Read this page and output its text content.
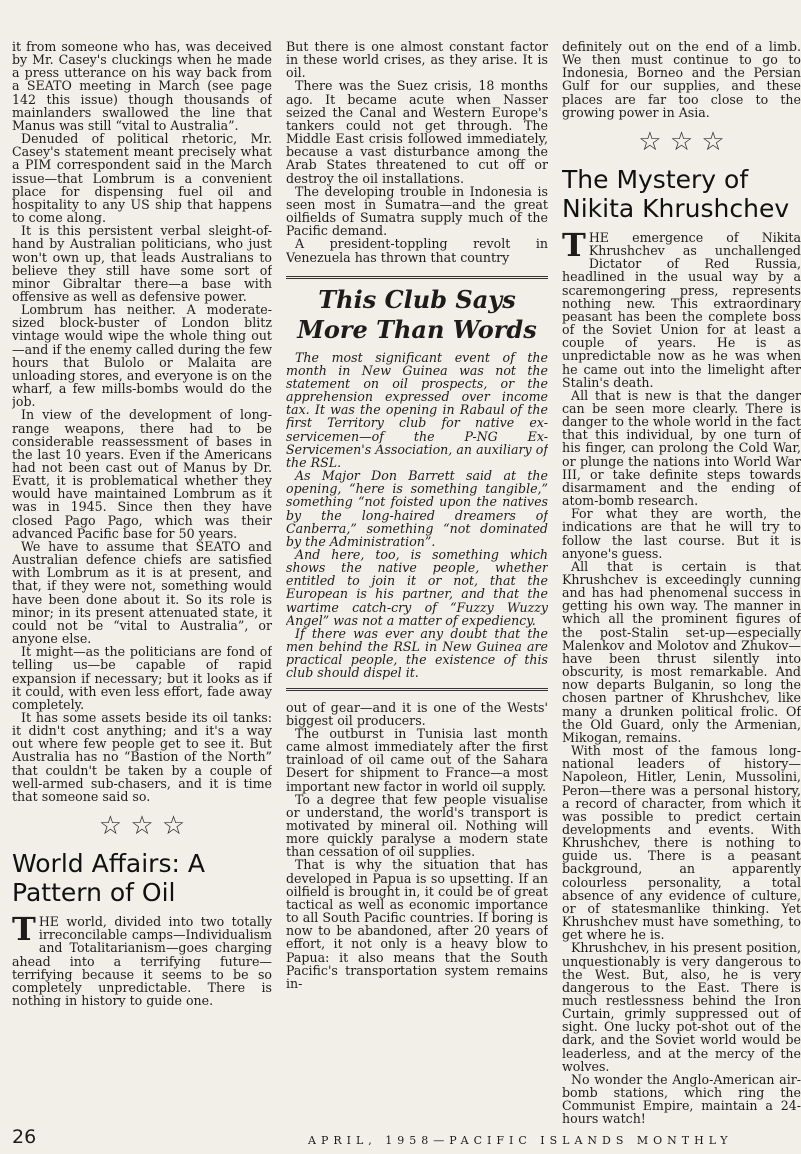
it from someone who has, was deceived by Mr. Casey's cluckings when he made a press utterance on his way back from a SEATO meeting in March (see page 142 this issue) though thousands of mainlanders swallowed the line that Manus was still “vital to Australia”.

Denuded of political rhetoric, Mr. Casey's statement meant precisely what a PIM correspondent said in the March issue—that Lombrum is a convenient place for dispensing fuel oil and hospitality to any US ship that happens to come along.

It is this persistent verbal sleight-of-hand by Australian politicians, who just won't own up, that leads Australians to believe they still have some sort of minor Gibraltar there—a base with offensive as well as defensive power.

Lombrum has neither. A moderate-sized block-buster of London blitz vintage would wipe the whole thing out—and if the enemy called during the few hours that Bulolo or Malaita are unloading stores, and everyone is on the wharf, a few mills-bombs would do the job.

In view of the development of long-range weapons, there had to be considerable reassessment of bases in the last 10 years. Even if the Americans had not been cast out of Manus by Dr. Evatt, it is problematical whether they would have maintained Lombrum as it was in 1945. Since then they have closed Pago Pago, which was their advanced Pacific base for 50 years.

We have to assume that SEATO and Australian defence chiefs are satisfied with Lombrum as it is at present, and that, if they were not, something would have been done about it. So its role is minor; in its present attenuated state, it could not be “vital to Australia”, or anyone else.

It might—as the politicians are fond of telling us—be capable of rapid expansion if necessary; but it looks as if it could, with even less effort, fade away completely.

It has some assets beside its oil tanks: it didn't cost anything; and it's a way out where few people get to see it. But Australia has no “Bastion of the North” that couldn't be taken by a couple of well-armed sub-chasers, and it is time that someone said so.

☆ ☆ ☆
World Affairs: A Pattern of Oil

THE world, divided into two totally irreconcilable camps—Individualism and Totalitarianism—goes charging ahead into a terrifying future—terrifying because it seems to be so completely unpredictable. There is nothing in history to guide one.

But there is one almost constant factor in these world crises, as they arise. It is oil.

There was the Suez crisis, 18 months ago. It became acute when Nasser seized the Canal and Western Europe's tankers could not get through. The Middle East crisis followed immediately, because a vast disturbance among the Arab States threatened to cut off or destroy the oil installations.

The developing trouble in Indonesia is seen most in Sumatra—and the great oilfields of Sumatra supply much of the Pacific demand.

A president-toppling revolt in Venezuela has thrown that country

This Club Says More Than Words

The most significant event of the month in New Guinea was not the statement on oil prospects, or the apprehension expressed over income tax. It was the opening in Rabaul of the first Territory club for native ex-servicemen—of the P-NG Ex-Servicemen's Association, an auxiliary of the RSL.

As Major Don Barrett said at the opening, “here is something tangible,” something “not foisted upon the natives by the long-haired dreamers of Canberra,” something “not dominated by the Administration”.

And here, too, is something which shows the native people, whether entitled to join it or not, that the European is his partner, and that the wartime catch-cry of “Fuzzy Wuzzy Angel” was not a matter of expediency.

If there was ever any doubt that the men behind the RSL in New Guinea are practical people, the existence of this club should dispel it.

out of gear—and it is one of the Wests' biggest oil producers.

The outburst in Tunisia last month came almost immediately after the first trainload of oil came out of the Sahara Desert for shipment to France—a most important new factor in world oil supply.

To a degree that few people visualise or understand, the world's transport is motivated by mineral oil. Nothing will more quickly paralyse a modern state than cessation of oil supplies.

That is why the situation that has developed in Papua is so upsetting. If an oilfield is brought in, it could be of great tactical as well as economic importance to all South Pacific countries. If boring is now to be abandoned, after 20 years of effort, it not only is a heavy blow to Papua: it also means that the South Pacific's transportation system remains in-

definitely out on the end of a limb. We then must continue to go to Indonesia, Borneo and the Persian Gulf for our supplies, and these places are far too close to the growing power in Asia.

☆ ☆ ☆
The Mystery of Nikita Khrushchev

THE emergence of Nikita Khrushchev as unchallenged Dictator of Red Russia, headlined in the usual way by a scaremongering press, represents nothing new. This extraordinary peasant has been the complete boss of the Soviet Union for at least a couple of years. He is as unpredictable now as he was when he came out into the limelight after Stalin's death.

All that is new is that the danger can be seen more clearly. There is danger to the whole world in the fact that this individual, by one turn of his finger, can prolong the Cold War, or plunge the nations into World War III, or take definite steps towards disarmament and the ending of atom-bomb research.

For what they are worth, the indications are that he will try to follow the last course. But it is anyone's guess.

All that is certain is that Khrushchev is exceedingly cunning and has had phenomenal success in getting his own way. The manner in which all the prominent figures of the post-Stalin set-up—especially Malenkov and Molotov and Zhukov—have been thrust silently into obscurity, is most remarkable. And now departs Bulganin, so long the chosen partner of Khrushchev, like many a drunken political frolic. Of the Old Guard, only the Armenian, Mikogan, remains.

With most of the famous long-national leaders of history—Napoleon, Hitler, Lenin, Mussolini, Peron—there was a personal history, a record of character, from which it was possible to predict certain developments and events. With Khrushchev, there is nothing to guide us. There is a peasant background, an apparently colourless personality, a total absence of any evidence of culture, or of statesmanlike thinking. Yet Khrushchev must have something, to get where he is.

Khrushchev, in his present position, unquestionably is very dangerous to the West. But, also, he is very dangerous to the East. There is much restlessness behind the Iron Curtain, grimly suppressed out of sight. One lucky pot-shot out of the dark, and the Soviet world would be leaderless, and at the mercy of the wolves.

No wonder the Anglo-American air-bomb stations, which ring the Communist Empire, maintain a 24-hours watch!

26	APRIL, 1958—PACIFIC ISLANDS MONTHLY
